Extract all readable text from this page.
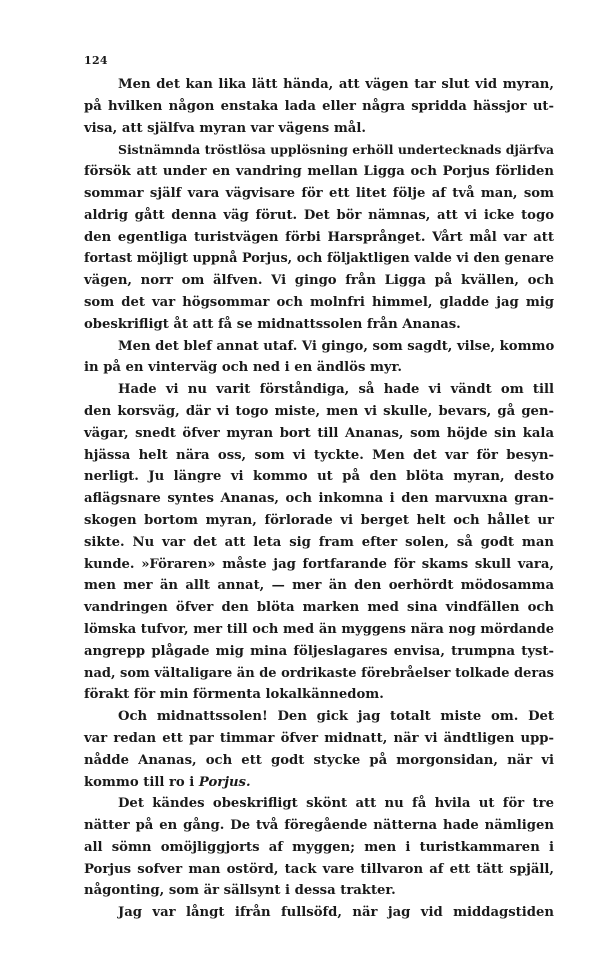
124
Men det kan lika lätt hända, att vägen tar slut vid myran,
på hvilken någon enstaka lada eller några spridda hässjor ut-
visa, att själfva myran var vägens mål.
Sistnämnda tröstlösa upplösning erhöll undertecknads djärfva
försök att under en vandring mellan Ligga och Porjus förliden
sommar själf vara vägvisare för ett litet följe af två man, som
aldrig gått denna väg förut. Det bör nämnas, att vi icke togo
den egentliga turistvägen förbi Harsprånget. Vårt mål var att
fortast möjligt uppnå Porjus, och följaktligen valde vi den genare
vägen, norr om älfven. Vi gingo från Ligga på kvällen, och
som det var högsommar och molnfri himmel, gladde jag mig
obeskrifligt åt att få se midnattssolen från Ananas.
Men det blef annat utaf. Vi gingo, som sagdt, vilse, kommo
in på en vinterväg och ned i en ändlös myr.
Hade vi nu varit förståndiga, så hade vi vändt om till
den korsväg, där vi togo miste, men vi skulle, bevars, gå gen-
vägar, snedt öfver myran bort till Ananas, som höjde sin kala
hjässa helt nära oss, som vi tyckte. Men det var för besyn-
nerligt. Ju längre vi kommo ut på den blöta myran, desto
aflägsnare syntes Ananas, och inkomna i den marvuxna gran-
skogen bortom myran, förlorade vi berget helt och hållet ur
sikte. Nu var det att leta sig fram efter solen, så godt man
kunde. »Föraren» måste jag fortfarande för skams skull vara,
men mer än allt annat, — mer än den oerhördt mödosamma
vandringen öfver den blöta marken med sina vindfällen och
lömska tufvor, mer till och med än myggens nära nog mördande
angrepp plågade mig mina följeslagares envisa, trumpna tyst-
nad, som vältaligare än de ordrikaste förebråelser tolkade deras
förakt för min förmenta lokalkännedom.
Och midnattssolen! Den gick jag totalt miste om. Det
var redan ett par timmar öfver midnatt, när vi ändtligen upp-
nådde Ananas, och ett godt stycke på morgonsidan, när vi
kommo till ro i Porjus.
Det kändes obeskrifligt skönt att nu få hvila ut för tre
nätter på en gång. De två föregående nätterna hade nämligen
all sömn omöjliggjorts af myggen; men i turistkammaren i
Porjus sofver man ostörd, tack vare tillvaron af ett tätt spjäll,
någonting, som är sällsynt i dessa trakter.
Jag var långt ifrån fullsöfd, när jag vid middagstiden
